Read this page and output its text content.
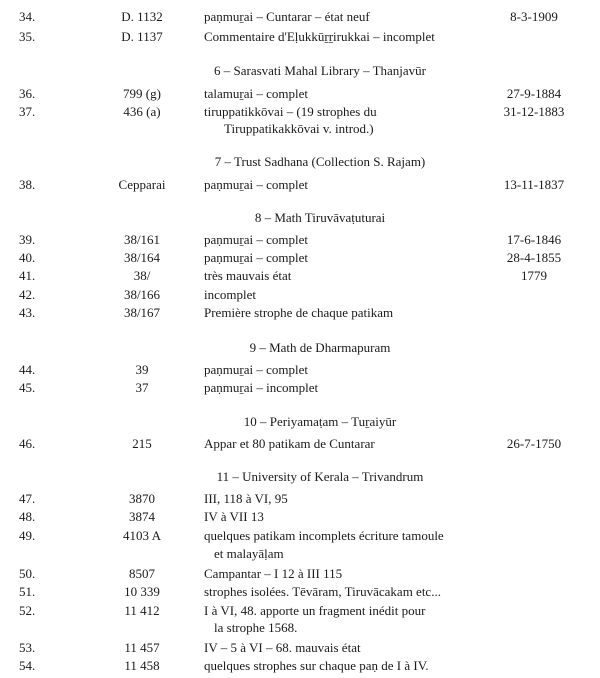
34.	D. 1132	paṇmuṟai – Cuntarar – état neuf	8-3-1909
35.	D. 1137	Commentaire d'Eḷukkūṟṟirukkai – incomplet
6 – Sarasvati Mahal Library – Thanjavūr
36.	799 (g)	talamuṟai – complet	27-9-1884
37.	436 (a)	tiruppatikkōvai – (19 strophes du	31-12-1883
Tiruppatikakkōvai v. introd.)
7 – Trust Sadhana (Collection S. Rajam)
38.	Cepparai	paṇmuṟai – complet	13-11-1837
8 – Math Tiruvāvaṭuturai
39.	38/161	paṇmuṟai – complet	17-6-1846
40.	38/164	paṇmuṟai – complet	28-4-1855
41.	38/	très mauvais état	1779
42.	38/166	incomplet
43.	38/167	Première strophe de chaque patikam
9 – Math de Dharmapuram
44.	39	paṇmuṟai – complet
45.	37	paṇmuṟai – incomplet
10 – Periyamaṭam – Tuṟaiyūr
46.	215	Appar et 80 patikam de Cuntarar	26-7-1750
11 – University of Kerala – Trivandrum
47.	3870	III, 118 à VI, 95
48.	3874	IV à VII 13
49.	4103 A	quelques patikam incomplets écriture tamoule
et malayāḷam
50.	8507	Campantar – I 12 à III 115
51.	10 339	strophes isolées. Tēvāram, Tiruvācakam etc...
52.	11 412	I à VI, 48. apporte un fragment inédit pour
la strophe 1568.
53.	11 457	IV – 5 à VI – 68. mauvais état
54.	11 458	quelques strophes sur chaque paṇ de I à IV.
